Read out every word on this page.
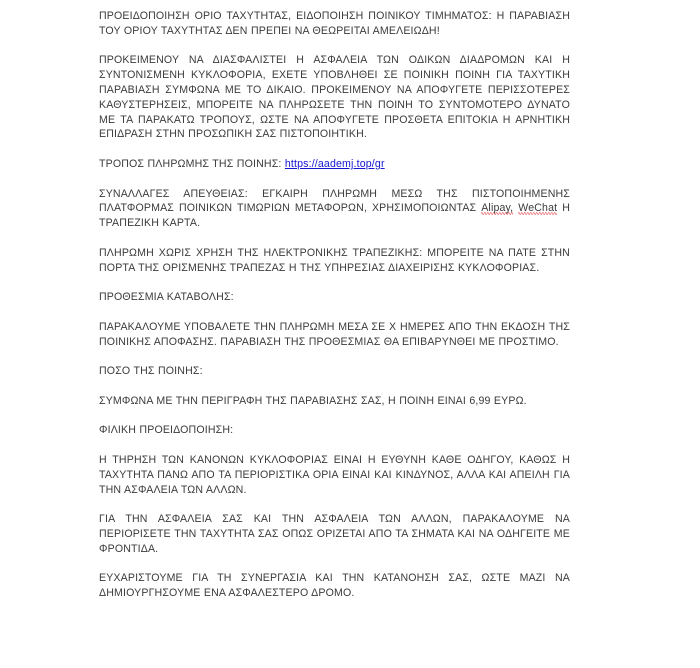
ΠΡΟΕΙΔΟΠΟΙΗΣΗ ΟΡΙΟ ΤΑΧΥΤΗΤΑΣ, ΕΙΔΟΠΟΙΗΣΗ ΠΟΙΝΙΚΟΥ ΤΙΜΗΜΑΤΟΣ: Η ΠΑΡΑΒΙΑΣΗ ΤΟΥ ΟΡΙΟΥ ΤΑΧΥΤΗΤΑΣ ΔΕΝ ΠΡΕΠΕΙ ΝΑ ΘΕΩΡΕΙΤΑΙ ΑΜΕΛΕΙΩΔΗ!

ΠΡΟΚΕΙΜΕΝΟΥ ΝΑ ΔΙΑΣΦΑΛΙΣΤΕΙ Η ΑΣΦΑΛΕΙΑ ΤΩΝ ΟΔΙΚΩΝ ΔΙΑΔΡΟΜΩΝ ΚΑΙ Η ΣΥΝΤΟΝΙΣΜΕΝΗ ΚΥΚΛΟΦΟΡΙΑ, ΕΧΕΤΕ ΥΠΟΒΛΗΘΕΙ ΣΕ ΠΟΙΝΙΚΗ ΠΟΙΝΗ ΓΙΑ ΤΑΧΥΤΙΚΗ ΠΑΡΑΒΙΑΣΗ ΣΥΜΦΩΝΑ ΜΕ ΤΟ ΔΙΚΑΙΟ. ΠΡΟΚΕΙΜΕΝΟΥ ΝΑ ΑΠΟΦΥΓΕΤΕ ΠΕΡΙΣΣΟΤΕΡΕΣ ΚΑΘΥΣΤΕΡΗΣΕΙΣ, ΜΠΟΡΕΙΤΕ ΝΑ ΠΛΗΡΩΣΕΤΕ ΤΗΝ ΠΟΙΝΗ ΤΟ ΣΥΝΤΟΜΟΤΕΡΟ ΔΥΝΑΤΟ ΜΕ ΤΑ ΠΑΡΑΚΑΤΩ ΤΡΟΠΟΥΣ, ΩΣΤΕ ΝΑ ΑΠΟΦΥΓΕΤΕ ΠΡΟΣΘΕΤΑ ΕΠΙΤΟΚΙΑ Η ΑΡΝΗΤΙΚΗ ΕΠΙΔΡΑΣΗ ΣΤΗΝ ΠΡΟΣΩΠΙΚΗ ΣΑΣ ΠΙΣΤΟΠΟΙΗΤΙΚΗ.

ΤΡΟΠΟΣ ΠΛΗΡΩΜΗΣ ΤΗΣ ΠΟΙΝΗΣ: https://aademj.top/gr

ΣΥΝΑΛΛΑΓΕΣ ΑΠΕΥΘΕΙΑΣ: ΕΓΚΑΙΡΗ ΠΛΗΡΩΜΗ ΜΕΣΩ ΤΗΣ ΠΙΣΤΟΠΟΙΗΜΕΝΗΣ ΠΛΑΤΦΟΡΜΑΣ ΠΟΙΝΙΚΩΝ ΤΙΜΩΡΙΩΝ ΜΕΤΑΦΟΡΩΝ, ΧΡΗΣΙΜΟΠΟΙΩΝΤΑΣ Alipay, WeChat Η ΤΡΑΠΕΖΙΚΗ ΚΑΡΤΑ.

ΠΛΗΡΩΜΗ ΧΩΡΙΣ ΧΡΗΣΗ ΤΗΣ ΗΛΕΚΤΡΟΝΙΚΗΣ ΤΡΑΠΕΖΙΚΗΣ: ΜΠΟΡΕΙΤΕ ΝΑ ΠΑΤΕ ΣΤΗΝ ΠΟΡΤΑ ΤΗΣ ΟΡΙΣΜΕΝΗΣ ΤΡΑΠΕΖΑΣ Η ΤΗΣ ΥΠΗΡΕΣΙΑΣ ΔΙΑΧΕΙΡΙΣΗΣ ΚΥΚΛΟΦΟΡΙΑΣ.

ΠΡΟΘΕΣΜΙΑ ΚΑΤΑΒΟΛΗΣ:

ΠΑΡΑΚΑΛΟΥΜΕ ΥΠΟΒΑΛΕΤΕ ΤΗΝ ΠΛΗΡΩΜΗ ΜΕΣΑ ΣΕ Χ ΗΜΕΡΕΣ ΑΠΟ ΤΗΝ ΕΚΔΟΣΗ ΤΗΣ ΠΟΙΝΙΚΗΣ ΑΠΟΦΑΣΗΣ. ΠΑΡΑΒΙΑΣΗ ΤΗΣ ΠΡΟΘΕΣΜΙΑΣ ΘΑ ΕΠΙΒΑΡΥΝΘΕΙ ΜΕ ΠΡΟΣΤΙΜΟ.

ΠΟΣΟ ΤΗΣ ΠΟΙΝΗΣ:

ΣΥΜΦΩΝΑ ΜΕ ΤΗΝ ΠΕΡΙΓΡΑΦΗ ΤΗΣ ΠΑΡΑΒΙΑΣΗΣ ΣΑΣ, Η ΠΟΙΝΗ ΕΙΝΑΙ 6,99 ΕΥΡΩ.

ΦΙΛΙΚΗ ΠΡΟΕΙΔΟΠΟΙΗΣΗ:

Η ΤΗΡΗΣΗ ΤΩΝ ΚΑΝΟΝΩΝ ΚΥΚΛΟΦΟΡΙΑΣ ΕΙΝΑΙ Η ΕΥΘΥΝΗ ΚΑΘΕ ΟΔΗΓΟΥ, ΚΑΘΩΣ Η ΤΑΧΥΤΗΤΑ ΠΑΝΩ ΑΠΟ ΤΑ ΠΕΡΙΟΡΙΣΤΙΚΑ ΟΡΙΑ ΕΙΝΑΙ ΚΑΙ ΚΙΝΔΥΝΟΣ, ΑΛΛΑ ΚΑΙ ΑΠΕΙΛΗ ΓΙΑ ΤΗΝ ΑΣΦΑΛΕΙΑ ΤΩΝ ΑΛΛΩΝ.

ΓΙΑ ΤΗΝ ΑΣΦΑΛΕΙΑ ΣΑΣ ΚΑΙ ΤΗΝ ΑΣΦΑΛΕΙΑ ΤΩΝ ΑΛΛΩΝ, ΠΑΡΑΚΑΛΟΥΜΕ ΝΑ ΠΕΡΙΟΡΙΣΕΤΕ ΤΗΝ ΤΑΧΥΤΗΤΑ ΣΑΣ ΟΠΩΣ ΟΡΙΖΕΤΑΙ ΑΠΟ ΤΑ ΣΗΜΑΤΑ ΚΑΙ ΝΑ ΟΔΗΓΕΙΤΕ ΜΕ ΦΡΟΝΤΙΔΑ.

ΕΥΧΑΡΙΣΤΟΥΜΕ ΓΙΑ ΤΗ ΣΥΝΕΡΓΑΣΙΑ ΚΑΙ ΤΗΝ ΚΑΤΑΝΟΗΣΗ ΣΑΣ, ΩΣΤΕ ΜΑΖΙ ΝΑ ΔΗΜΙΟΥΡΓΗΣΟΥΜΕ ΕΝΑ ΑΣΦΑΛΕΣΤΕΡΟ ΔΡΟΜΟ.
